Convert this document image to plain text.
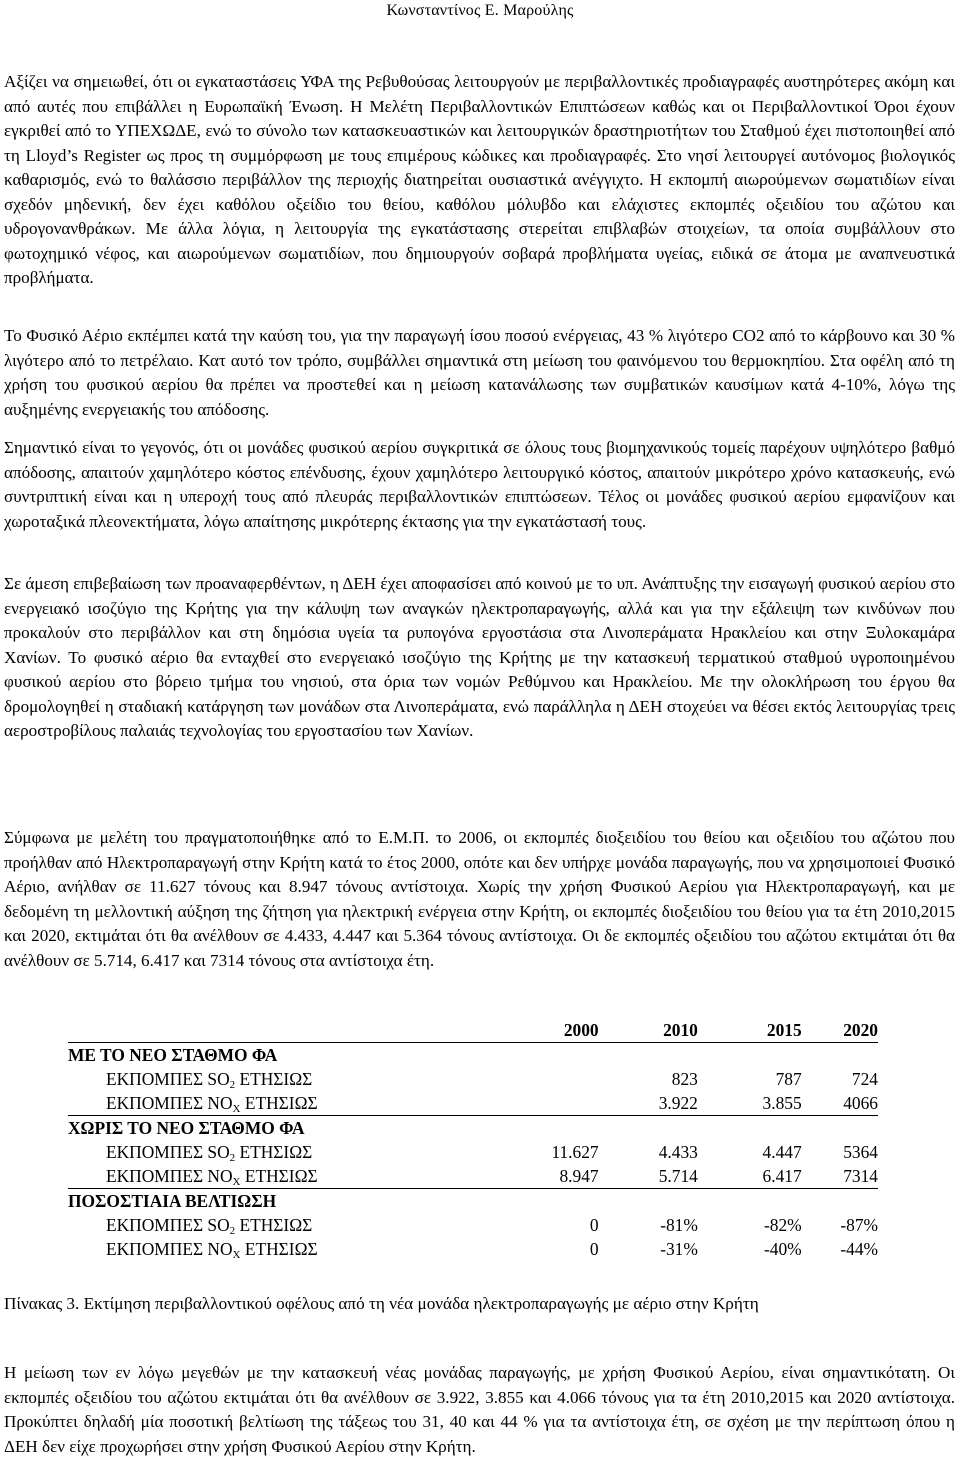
Κωνσταντίνος Ε. Μαρούλης
Αξίζει να σημειωθεί, ότι οι εγκαταστάσεις ΥΦΑ της Ρεβυθούσας λειτουργούν με περιβαλλοντικές προδιαγραφές αυστηρότερες ακόμη και από αυτές που επιβάλλει η Ευρωπαϊκή Ένωση. Η Μελέτη Περιβαλλοντικών Επιπτώσεων καθώς και οι Περιβαλλοντικοί Όροι έχουν εγκριθεί από το ΥΠΕΧΩΔΕ, ενώ το σύνολο των κατασκευαστικών και λειτουργικών δραστηριοτήτων του Σταθμού έχει πιστοποιηθεί από τη Lloyd’s Register ως προς τη συμμόρφωση με τους επιμέρους κώδικες και προδιαγραφές. Στο νησί λειτουργεί αυτόνομος βιολογικός καθαρισμός, ενώ το θαλάσσιο περιβάλλον της περιοχής διατηρείται ουσιαστικά ανέγγιχτο. Η εκπομπή αιωρούμενων σωματιδίων είναι σχεδόν μηδενική, δεν έχει καθόλου οξείδιο του θείου, καθόλου μόλυβδο και ελάχιστες εκπομπές οξειδίου του αζώτου και υδρογονανθράκων. Με άλλα λόγια, η λειτουργία της εγκατάστασης στερείται επιβλαβών στοιχείων, τα οποία συμβάλλουν στο φωτοχημικό νέφος, και αιωρούμενων σωματιδίων, που δημιουργούν σοβαρά προβλήματα υγείας, ειδικά σε άτομα με αναπνευστικά προβλήματα.
Το Φυσικό Αέριο εκπέμπει κατά την καύση του, για την παραγωγή ίσου ποσού ενέργειας, 43 % λιγότερο CO2 από το κάρβουνο και 30 % λιγότερο από το πετρέλαιο. Κατ αυτό τον τρόπο, συμβάλλει σημαντικά στη μείωση του φαινόμενου του θερμοκηπίου. Στα οφέλη από τη χρήση του φυσικού αερίου θα πρέπει να προστεθεί και η μείωση κατανάλωσης των συμβατικών καυσίμων κατά 4-10%, λόγω της αυξημένης ενεργειακής του απόδοσης.
Σημαντικό είναι το γεγονός, ότι οι μονάδες φυσικού αερίου συγκριτικά σε όλους τους βιομηχανικούς τομείς παρέχουν υψηλότερο βαθμό απόδοσης, απαιτούν χαμηλότερο κόστος επένδυσης, έχουν χαμηλότερο λειτουργικό κόστος, απαιτούν μικρότερο χρόνο κατασκευής, ενώ συντριπτική είναι και η υπεροχή τους από πλευράς περιβαλλοντικών επιπτώσεων. Τέλος οι μονάδες φυσικού αερίου εμφανίζουν και χωροταξικά πλεονεκτήματα, λόγω απαίτησης μικρότερης έκτασης για την εγκατάστασή τους.
Σε άμεση επιβεβαίωση των προαναφερθέντων, η ΔΕΗ έχει αποφασίσει από κοινού με το υπ. Ανάπτυξης την εισαγωγή φυσικού αερίου στο ενεργειακό ισοζύγιο της Κρήτης για την κάλυψη των αναγκών ηλεκτροπαραγωγής, αλλά και για την εξάλειψη των κινδύνων που προκαλούν στο περιβάλλον και στη δημόσια υγεία τα ρυπογόνα εργοστάσια στα Λινοπεράματα Ηρακλείου και στην Ξυλοκαμάρα Χανίων. Το φυσικό αέριο θα ενταχθεί στο ενεργειακό ισοζύγιο της Κρήτης με την κατασκευή τερματικού σταθμού υγροποιημένου φυσικού αερίου στο βόρειο τμήμα του νησιού, στα όρια των νομών Ρεθύμνου και Ηρακλείου. Με την ολοκλήρωση του έργου θα δρομολογηθεί η σταδιακή κατάργηση των μονάδων στα Λινοπεράματα, ενώ παράλληλα η ΔΕΗ στοχεύει να θέσει εκτός λειτουργίας τρεις αεροστροβίλους παλαιάς τεχνολογίας του εργοστασίου των Χανίων.
Σύμφωνα με μελέτη του πραγματοποιήθηκε από το Ε.Μ.Π. το 2006, οι εκπομπές διοξειδίου του θείου και οξειδίου του αζώτου που προήλθαν από Ηλεκτροπαραγωγή στην Κρήτη κατά το έτος 2000, οπότε και δεν υπήρχε μονάδα παραγωγής, που να χρησιμοποιεί Φυσικό Αέριο, ανήλθαν σε 11.627 τόνους και 8.947 τόνους αντίστοιχα. Χωρίς την χρήση Φυσικού Αερίου για Ηλεκτροπαραγωγή, και με δεδομένη τη μελλοντική αύξηση της ζήτηση για ηλεκτρική ενέργεια στην Κρήτη, οι εκπομπές διοξειδίου του θείου για τα έτη 2010,2015 και 2020, εκτιμάται ότι θα ανέλθουν σε 4.433, 4.447 και 5.364 τόνους αντίστοιχα. Οι δε εκπομπές οξειδίου του αζώτου εκτιμάται ότι θα ανέλθουν σε 5.714, 6.417 και 7314 τόνους στα αντίστοιχα έτη.
	2000	2010	2015	2020
ΜΕ ΤΟ ΝΕΟ ΣΤΑΘΜΟ ΦΑ				
ΕΚΠΟΜΠΕΣ $SO_2$ ΕΤΗΣΙΩΣ		823	787	724
ΕΚΠΟΜΠΕΣ $NO_X$ ΕΤΗΣΙΩΣ		3.922	3.855	4066
ΧΩΡΙΣ ΤΟ ΝΕΟ ΣΤΑΘΜΟ ΦΑ				
ΕΚΠΟΜΠΕΣ $SO_2$ ΕΤΗΣΙΩΣ	11.627	4.433	4.447	5364
ΕΚΠΟΜΠΕΣ $NO_X$ ΕΤΗΣΙΩΣ	8.947	5.714	6.417	7314
ΠΟΣΟΣΤΙΑΙΑ ΒΕΛΤΙΩΣΗ				
ΕΚΠΟΜΠΕΣ $SO_2$ ΕΤΗΣΙΩΣ	0	-81%	-82%	-87%
ΕΚΠΟΜΠΕΣ $NO_X$ ΕΤΗΣΙΩΣ	0	-31%	-40%	-44%
Πίνακας 3. Εκτίμηση περιβαλλοντικού οφέλους από τη νέα μονάδα ηλεκτροπαραγωγής με αέριο στην Κρήτη
Η μείωση των εν λόγω μεγεθών με την κατασκευή νέας μονάδας παραγωγής, με χρήση Φυσικού Αερίου, είναι σημαντικότατη. Οι εκπομπές οξειδίου του αζώτου εκτιμάται ότι θα ανέλθουν σε 3.922, 3.855 και 4.066 τόνους για τα έτη 2010,2015 και 2020 αντίστοιχα. Προκύπτει δηλαδή μία ποσοτική βελτίωση της τάξεως του 31, 40 και 44 % για τα αντίστοιχα έτη, σε σχέση με την περίπτωση όπου η ΔΕΗ δεν είχε προχωρήσει στην χρήση Φυσικού Αερίου στην Κρήτη.
